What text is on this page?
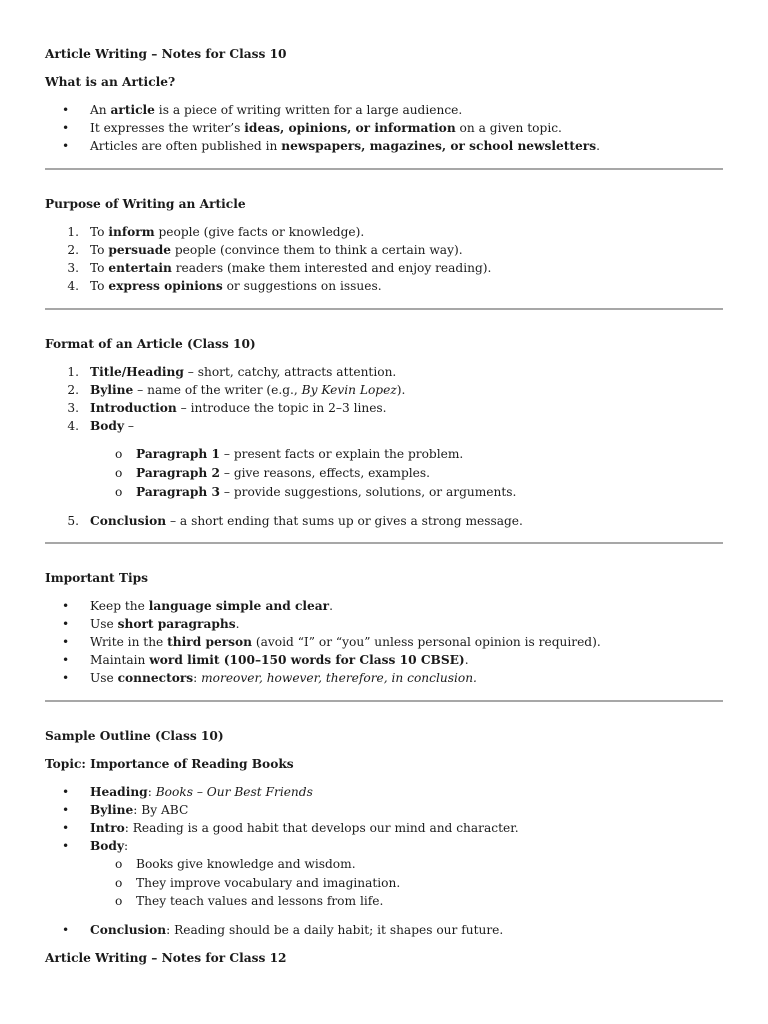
Article Writing – Notes for Class 10
What is an Article?
• An article is a piece of writing written for a large audience.
• It expresses the writer’s ideas, opinions, or information on a given topic.
• Articles are often published in newspapers, magazines, or school newsletters.
Purpose of Writing an Article
1. To inform people (give facts or knowledge).
2. To persuade people (convince them to think a certain way).
3. To entertain readers (make them interested and enjoy reading).
4. To express opinions or suggestions on issues.
Format of an Article (Class 10)
1. Title/Heading – short, catchy, attracts attention.
2. Byline – name of the writer (e.g., By Kevin Lopez).
3. Introduction – introduce the topic in 2–3 lines.
4. Body –
o Paragraph 1 – present facts or explain the problem.
o Paragraph 2 – give reasons, effects, examples.
o Paragraph 3 – provide suggestions, solutions, or arguments.
5. Conclusion – a short ending that sums up or gives a strong message.
Important Tips
• Keep the language simple and clear.
• Use short paragraphs.
• Write in the third person (avoid “I” or “you” unless personal opinion is required).
• Maintain word limit (100–150 words for Class 10 CBSE).
• Use connectors: moreover, however, therefore, in conclusion.
Sample Outline (Class 10)
Topic: Importance of Reading Books
• Heading: Books – Our Best Friends
• Byline: By ABC
• Intro: Reading is a good habit that develops our mind and character.
• Body:
o Books give knowledge and wisdom.
o They improve vocabulary and imagination.
o They teach values and lessons from life.
• Conclusion: Reading should be a daily habit; it shapes our future.
Article Writing – Notes for Class 12
